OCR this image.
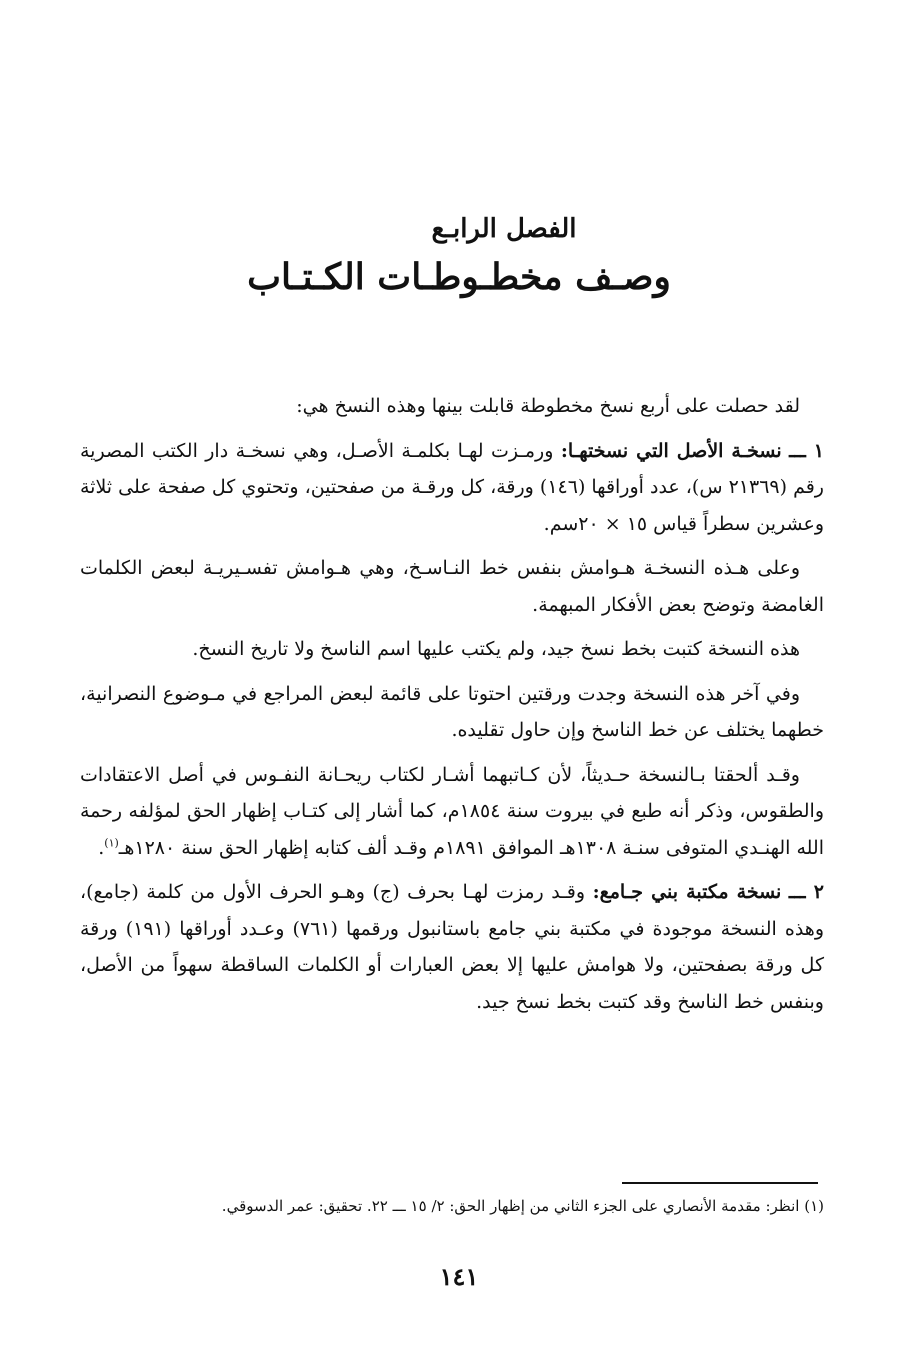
الفصل الرابـع
وصـف مخطـوطـات الكـتـاب

لقد حصلت على أربع نسخ مخطوطة قابلت بينها وهذه النسخ هي:

١ ـــ نسخـة الأصل التي نسختهـا: ورمـزت لهـا بكلمـة الأصـل، وهي نسخـة دار الكتب المصرية رقم (٢١٣٦٩ س)، عدد أوراقها (١٤٦) ورقة، كل ورقـة من صفحتين، وتحتوي كل صفحة على ثلاثة وعشرين سطراً قياس ١٥ × ٢٠سم.

وعلى هـذه النسخـة هـوامش بنفس خط النـاسـخ، وهي هـوامش تفسـيريـة لبعض الكلمات الغامضة وتوضح بعض الأفكار المبهمة.

هذه النسخة كتبت بخط نسخ جيد، ولم يكتب عليها اسم الناسخ ولا تاريخ النسخ.

وفي آخر هذه النسخة وجدت ورقتين احتوتا على قائمة لبعض المراجع في مـوضوع النصرانية، خطهما يختلف عن خط الناسخ وإن حاول تقليده.

وقـد ألحقتا بـالنسخة حـديثاً، لأن كـاتبهما أشـار لكتاب ريحـانة النفـوس في أصل الاعتقادات والطقوس، وذكر أنه طبع في بيروت سنة ١٨٥٤م، كما أشار إلى كتـاب إظهار الحق لمؤلفه رحمة الله الهنـدي المتوفى سنـة ١٣٠٨هـ الموافق ١٨٩١م وقـد ألف كتابه إظهار الحق سنة ١٢٨٠هـ$^{(١)}$.

٢ ـــ نسخة مكتبة بني جـامع: وقـد رمزت لهـا بحرف (ج) وهـو الحرف الأول من كلمة (جامع)، وهذه النسخة موجودة في مكتبة بني جامع باستانبول ورقمها (٧٦١) وعـدد أوراقها (١٩١) ورقة كل ورقة بصفحتين، ولا هوامش عليها إلا بعض العبارات أو الكلمات الساقطة سهواً من الأصل، وبنفس خط الناسخ وقد كتبت بخط نسخ جيد.

(١) انظر: مقدمة الأنصاري على الجزء الثاني من إظهار الحق: ٢/ ١٥ ـــ ٢٢. تحقيق: عمر الدسوقي.
١٤١
